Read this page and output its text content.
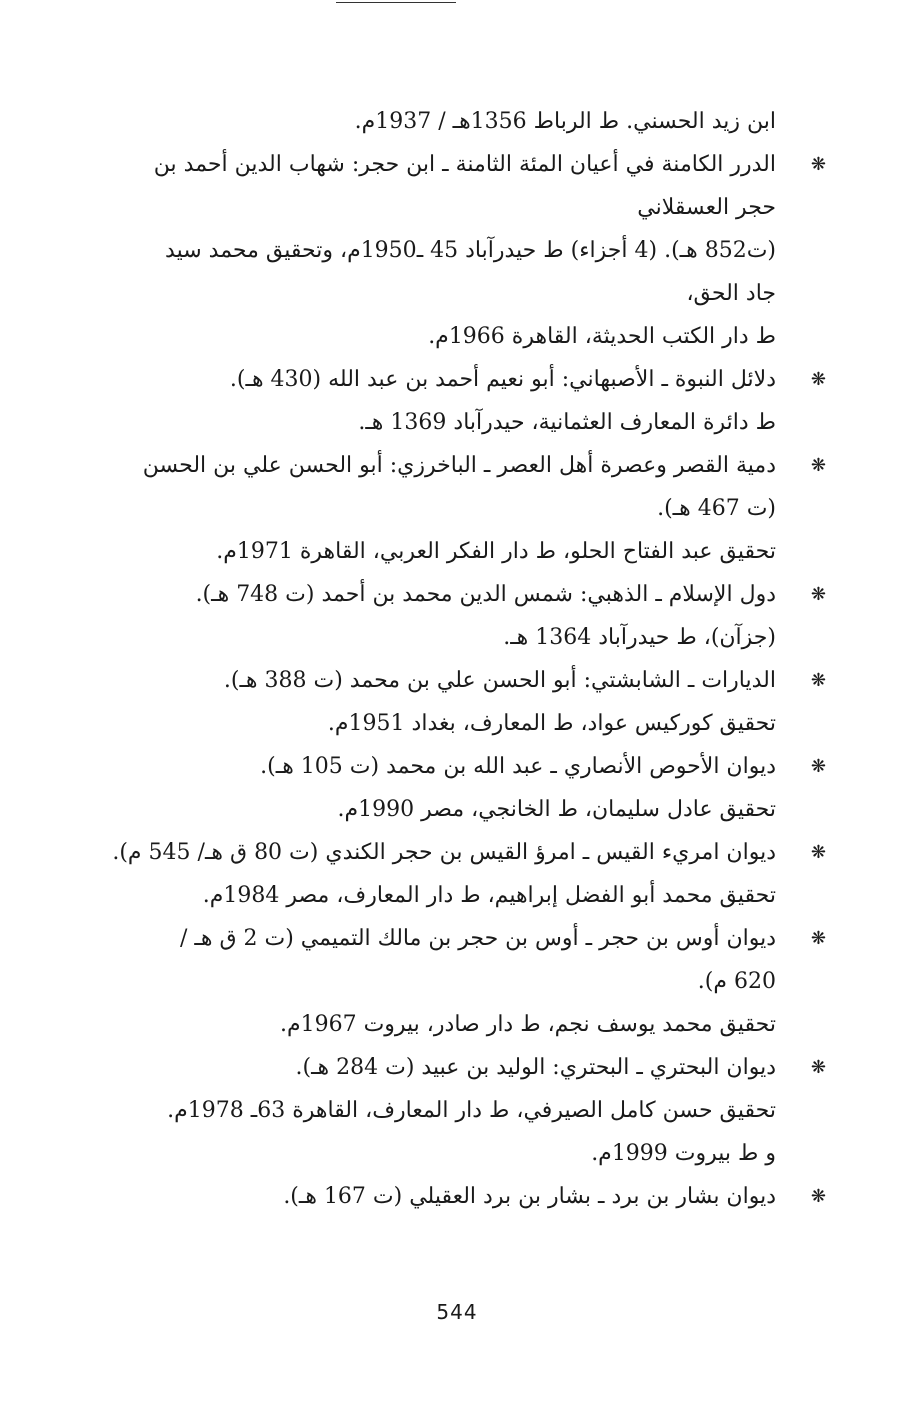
ابن زيد الحسني. ط الرباط 1356هـ / 1937م.
❋
الدرر الكامنة في أعيان المئة الثامنة ـ ابن حجر: شهاب الدين أحمد بن
حجر العسقلاني
(ت852 هـ). (4 أجزاء) ط حيدرآباد 45 ـ1950م، وتحقيق محمد سيد
جاد الحق،
ط دار الكتب الحديثة، القاهرة 1966م.
❋
دلائل النبوة ـ الأصبهاني: أبو نعيم أحمد بن عبد الله (430 هـ).
ط دائرة المعارف العثمانية، حيدرآباد 1369 هـ.
❋
دمية القصر وعصرة أهل العصر ـ الباخرزي: أبو الحسن علي بن الحسن
(ت 467 هـ).
تحقيق عبد الفتاح الحلو، ط دار الفكر العربي، القاهرة 1971م.
❋
دول الإسلام ـ الذهبي: شمس الدين محمد بن أحمد (ت 748 هـ).
(جزآن)، ط حيدرآباد 1364 هـ.
❋
الديارات ـ الشابشتي: أبو الحسن علي بن محمد (ت 388 هـ).
تحقيق كوركيس عواد، ط المعارف، بغداد 1951م.
❋
ديوان الأحوص الأنصاري ـ عبد الله بن محمد (ت 105 هـ).
تحقيق عادل سليمان، ط الخانجي، مصر 1990م.
❋
ديوان امريء القيس ـ امرؤ القيس بن حجر الكندي (ت 80 ق هـ/ 545 م).
تحقيق محمد أبو الفضل إبراهيم، ط دار المعارف، مصر 1984م.
❋
ديوان أوس بن حجر ـ أوس بن حجر بن مالك التميمي (ت 2 ق هـ /
620 م).
تحقيق محمد يوسف نجم، ط دار صادر، بيروت 1967م.
❋
ديوان البحتري ـ البحتري: الوليد بن عبيد (ت 284 هـ).
تحقيق حسن كامل الصيرفي، ط دار المعارف، القاهرة 63ـ 1978م.
و ط بيروت 1999م.
❋
ديوان بشار بن برد ـ بشار بن برد العقيلي (ت 167 هـ).
544
